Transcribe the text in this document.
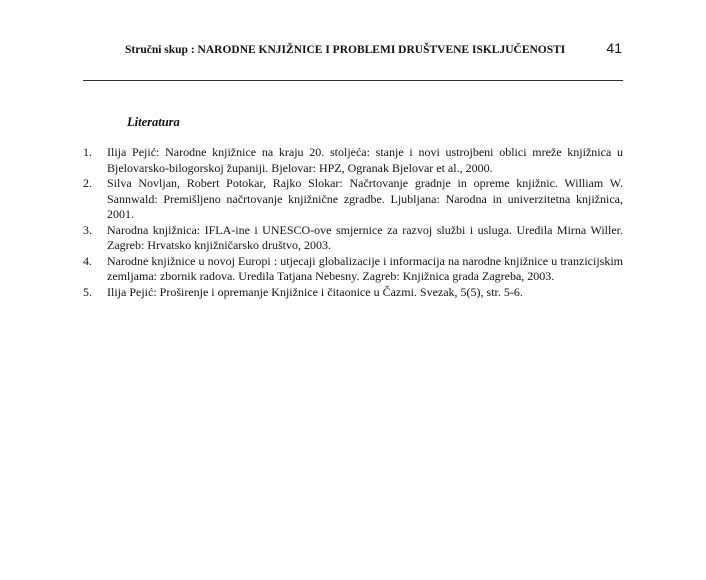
Stručni skup : NARODNE KNJIŽNICE I PROBLEMI DRUŠTVENE ISKLJUČENOSTI	41
Literatura
1.	Ilija Pejić: Narodne knjižnice na kraju 20. stoljeća: stanje i novi ustrojbeni oblici mreže knjižnica u Bjelovarsko-bilogorskoj županiji. Bjelovar: HPZ, Ogranak Bjelovar et al., 2000.
2.	Silva Novljan, Robert Potokar, Rajko Slokar: Načrtovanje gradnje in opreme knjižnic. William W. Sannwald: Premišljeno načrtovanje knjižnične zgradbe. Ljubljana: Narodna in univerzitetna knjižnica, 2001.
3.	Narodna knjižnica: IFLA-ine i UNESCO-ove smjernice za razvoj službi i usluga. Uredila Mirna Willer. Zagreb: Hrvatsko knjižničarsko društvo, 2003.
4.	Narodne knjižnice u novoj Europi : utjecaji globalizacije i informacija na narodne knjižnice u tranzicijskim zemljama: zbornik radova. Uredila Tatjana Nebesny. Zagreb: Knjižnica grada Zagreba, 2003.
5.	Ilija Pejić: Proširenje i opremanje Knjižnice i čitaonice u Čazmi. Svezak, 5(5), str. 5-6.
